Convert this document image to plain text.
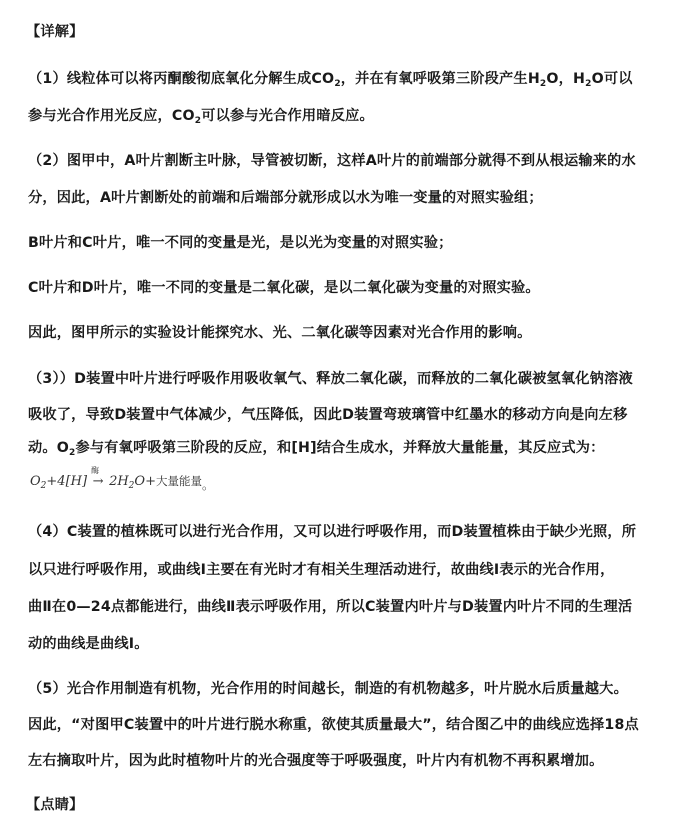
【详解】
（1）线粒体可以将丙酮酸彻底氧化分解生成$CO_2$，并在有氧呼吸第三阶段产生$H_2O$，$H_2O$可以
参与光合作用光反应，$CO_2$可以参与光合作用暗反应。
（2）图甲中，A叶片割断主叶脉，导管被切断，这样A叶片的前端部分就得不到从根运输来的水
分，因此，A叶片割断处的前端和后端部分就形成以水为唯一变量的对照实验组；
B叶片和C叶片，唯一不同的变量是光，是以光为变量的对照实验；
C叶片和D叶片，唯一不同的变量是二氧化碳，是以二氧化碳为变量的对照实验。
因此，图甲所示的实验设计能探究水、光、二氧化碳等因素对光合作用的影响。
（3））D装置中叶片进行呼吸作用吸收氧气、释放二氧化碳，而释放的二氧化碳被氢氧化钠溶液
吸收了，导致D装置中气体减少，气压降低，因此D装置弯玻璃管中红墨水的移动方向是向左移
动。$O_2$参与有氧呼吸第三阶段的反应，和[H]结合生成水，并释放大量能量，其反应式为：
$O_2+4[H]$
酶
→ $2H_2O+$大量能量。
（4）C装置的植株既可以进行光合作用，又可以进行呼吸作用，而D装置植株由于缺少光照，所
以只进行呼吸作用，或曲线Ⅰ主要在有光时才有相关生理活动进行，故曲线Ⅰ表示的光合作用，
曲Ⅱ在0—24点都能进行，曲线Ⅱ表示呼吸作用，所以C装置内叶片与D装置内叶片不同的生理活
动的曲线是曲线Ⅰ。
（5）光合作用制造有机物，光合作用的时间越长，制造的有机物越多，叶片脱水后质量越大。
因此，“对图甲C装置中的叶片进行脱水称重，欲使其质量最大”，结合图乙中的曲线应选择18点
左右摘取叶片，因为此时植物叶片的光合强度等于呼吸强度，叶片内有机物不再积累增加。
【点睛】
